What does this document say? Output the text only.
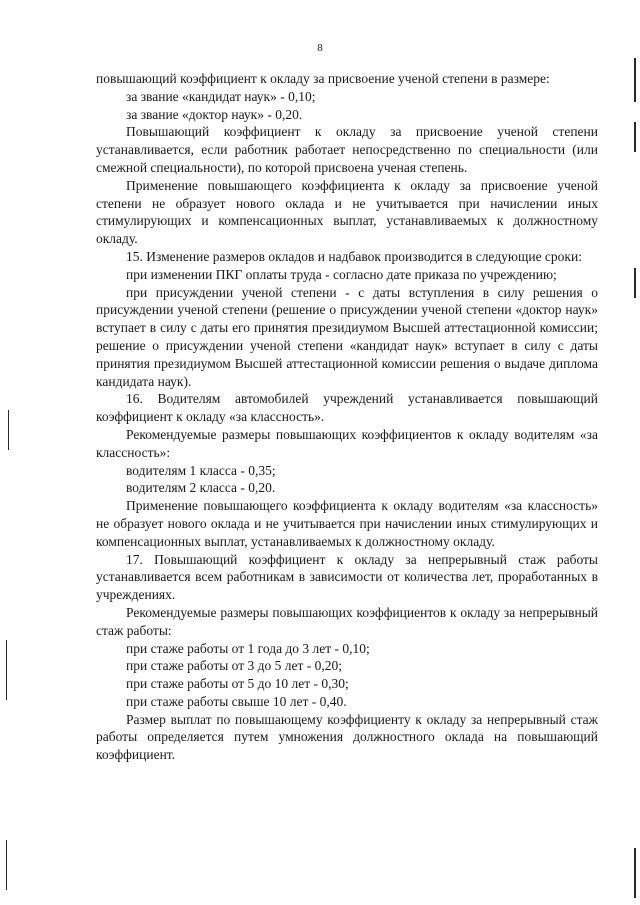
8

повышающий коэффициент к окладу за присвоение ученой степени в размере:

за звание «кандидат наук» - 0,10;

за звание «доктор наук» - 0,20.

Повышающий коэффициент к окладу за присвоение ученой степени устанавливается, если работник работает непосредственно по специальности (или смежной специальности), по которой присвоена ученая степень.

Применение повышающего коэффициента к окладу за присвоение ученой степени не образует нового оклада и не учитывается при начислении иных стимулирующих и компенсационных выплат, устанавливаемых к должностному окладу.

15. Изменение размеров окладов и надбавок производится в следующие сроки:

при изменении ПКГ оплаты труда - согласно дате приказа по учреждению;

при присуждении ученой степени - с даты вступления в силу решения о присуждении ученой степени (решение о присуждении ученой степени «доктор наук» вступает в силу с даты его принятия президиумом Высшей аттестационной комиссии; решение о присуждении ученой степени «кандидат наук» вступает в силу с даты принятия президиумом Высшей аттестационной комиссии решения о выдаче диплома кандидата наук).

16. Водителям автомобилей учреждений устанавливается повышающий коэффициент к окладу «за классность».

Рекомендуемые размеры повышающих коэффициентов к окладу водителям «за классность»:

водителям 1 класса - 0,35;

водителям 2 класса - 0,20.

Применение повышающего коэффициента к окладу водителям «за классность» не образует нового оклада и не учитывается при начислении иных стимулирующих и компенсационных выплат, устанавливаемых к должностному окладу.

17. Повышающий коэффициент к окладу за непрерывный стаж работы устанавливается всем работникам в зависимости от количества лет, проработанных в учреждениях.

Рекомендуемые размеры повышающих коэффициентов к окладу за непрерывный стаж работы:

при стаже работы от 1 года до 3 лет - 0,10;

при стаже работы от 3 до 5 лет - 0,20;

при стаже работы от 5 до 10 лет - 0,30;

при стаже работы свыше 10 лет - 0,40.

Размер выплат по повышающему коэффициенту к окладу за непрерывный стаж работы определяется путем умножения должностного оклада на повышающий коэффициент.
